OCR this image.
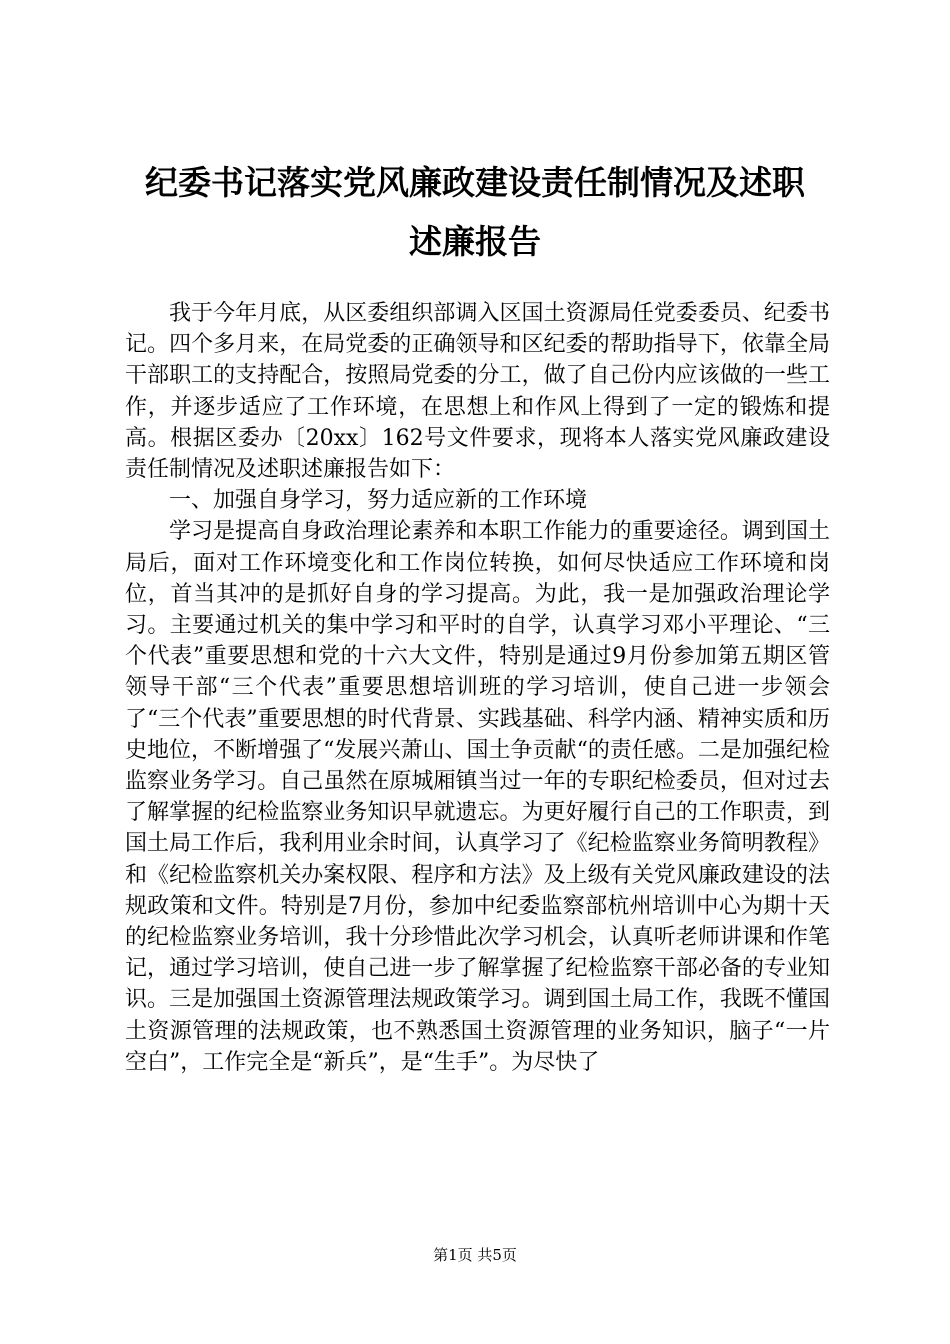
纪委书记落实党风廉政建设责任制情况及述职
述廉报告

我于今年月底，从区委组织部调入区国土资源局任党委委员、纪委书记。四个多月来，在局党委的正确领导和区纪委的帮助指导下，依靠全局干部职工的支持配合，按照局党委的分工，做了自己份内应该做的一些工作，并逐步适应了工作环境，在思想上和作风上得到了一定的锻炼和提高。根据区委办〔20xx〕162号文件要求，现将本人落实党风廉政建设责任制情况及述职述廉报告如下：

一、加强自身学习，努力适应新的工作环境

学习是提高自身政治理论素养和本职工作能力的重要途径。调到国土局后，面对工作环境变化和工作岗位转换，如何尽快适应工作环境和岗位，首当其冲的是抓好自身的学习提高。为此，我一是加强政治理论学习。主要通过机关的集中学习和平时的自学，认真学习邓小平理论、“三个代表”重要思想和党的十六大文件，特别是通过9月份参加第五期区管领导干部“三个代表”重要思想培训班的学习培训，使自己进一步领会了“三个代表”重要思想的时代背景、实践基础、科学内涵、精神实质和历史地位，不断增强了“发展兴萧山、国土争贡献“的责任感。二是加强纪检监察业务学习。自己虽然在原城厢镇当过一年的专职纪检委员，但对过去了解掌握的纪检监察业务知识早就遗忘。为更好履行自己的工作职责，到国土局工作后，我利用业余时间，认真学习了《纪检监察业务简明教程》和《纪检监察机关办案权限、程序和方法》及上级有关党风廉政建设的法规政策和文件。特别是7月份，参加中纪委监察部杭州培训中心为期十天的纪检监察业务培训，我十分珍惜此次学习机会，认真听老师讲课和作笔记，通过学习培训，使自己进一步了解掌握了纪检监察干部必备的专业知识。三是加强国土资源管理法规政策学习。调到国土局工作，我既不懂国土资源管理的法规政策，也不熟悉国土资源管理的业务知识，脑子“一片空白”，工作完全是“新兵”，是“生手”。为尽快了

第1页 共5页
